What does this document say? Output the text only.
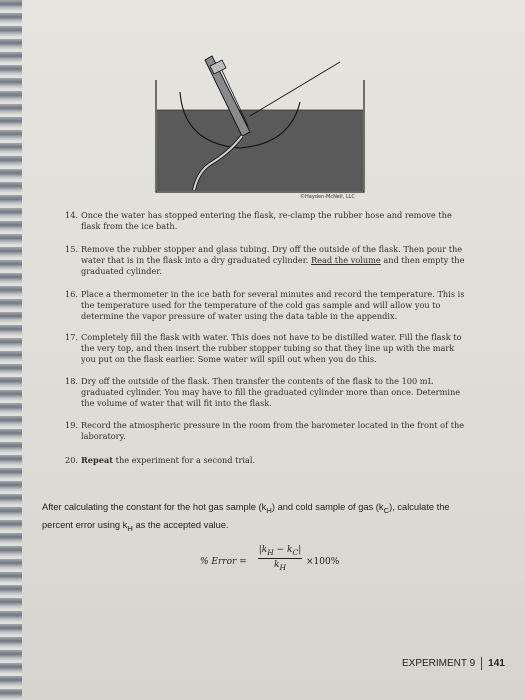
©Hayden-McNeil, LLC
14. Once the water has stopped entering the flask, re-clamp the rubber hose and remove the
flask from the ice bath.
15. Remove the rubber stopper and glass tubing. Dry off the outside of the flask. Then pour the
water that is in the flask into a dry graduated cylinder. Read the volume and then empty the
graduated cylinder.
16. Place a thermometer in the ice bath for several minutes and record the temperature. This is
the temperature used for the temperature of the cold gas sample and will allow you to
determine the vapor pressure of water using the data table in the appendix.
17. Completely fill the flask with water. This does not have to be distilled water. Fill the flask to
the very top, and then insert the rubber stopper tubing so that they line up with the mark
you put on the flask earlier. Some water will spill out when you do this.
18. Dry off the outside of the flask. Then transfer the contents of the flask to the 100 mL
graduated cylinder. You may have to fill the graduated cylinder more than once. Determine
the volume of water that will fit into the flask.
19. Record the atmospheric pressure in the room from the barometer located in the front of the
laboratory.
20. Repeat the experiment for a second trial.
After calculating the constant for the hot gas sample $(k_H)$ and cold sample of gas $(k_C)$, calculate the
percent error using $k_H$ as the accepted value.
% Error = $\frac{|k_H - k_C|}{k_H} \times 100\%$
EXPERIMENT 9 141
